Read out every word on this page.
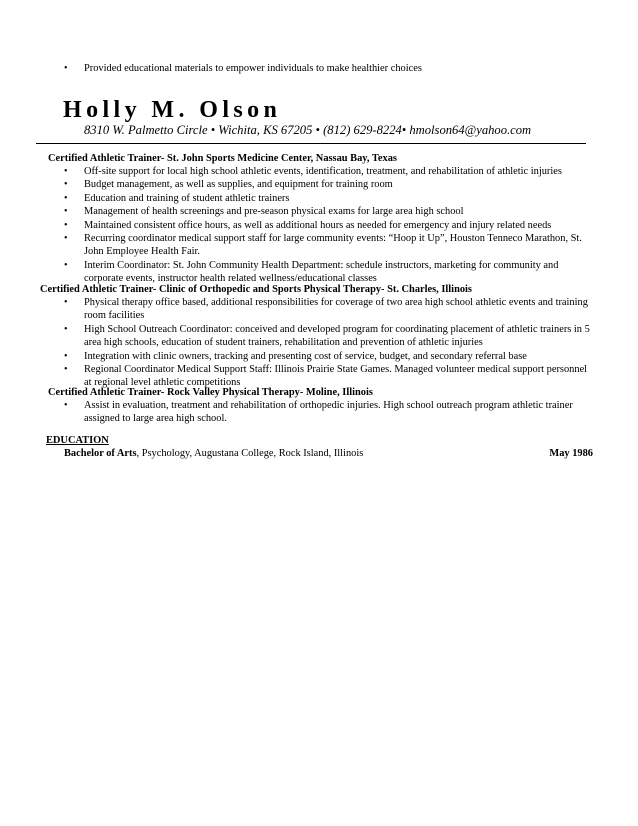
• Provided educational materials to empower individuals to make healthier choices
Holly M. Olson
8310 W. Palmetto Circle • Wichita, KS 67205 • (812) 629-8224• hmolson64@yahoo.com
Certified Athletic Trainer- St. John Sports Medicine Center, Nassau Bay, Texas
• Off-site support for local high school athletic events, identification, treatment, and rehabilitation of athletic injuries
• Budget management, as well as supplies, and equipment for training room
• Education and training of student athletic trainers
• Management of health screenings and pre-season physical exams for large area high school
• Maintained consistent office hours, as well as additional hours as needed for emergency and injury related needs
• Recurring coordinator medical support staff for large community events: “Hoop it Up”, Houston Tenneco Marathon, St. John Employee Health Fair.
• Interim Coordinator: St. John Community Health Department: schedule instructors, marketing for community and corporate events, instructor health related wellness/educational classes
Certified Athletic Trainer- Clinic of Orthopedic and Sports Physical Therapy- St. Charles, Illinois
• Physical therapy office based, additional responsibilities for coverage of two area high school athletic events and training room facilities
• High School Outreach Coordinator: conceived and developed program for coordinating placement of athletic trainers in 5 area high schools, education of student trainers, rehabilitation and prevention of athletic injuries
• Integration with clinic owners, tracking and presenting cost of service, budget, and secondary referral base
• Regional Coordinator Medical Support Staff: Illinois Prairie State Games. Managed volunteer medical support personnel at regional level athletic competitions
Certified Athletic Trainer- Rock Valley Physical Therapy- Moline, Illinois
• Assist in evaluation, treatment and rehabilitation of orthopedic injuries. High school outreach program athletic trainer assigned to large area high school.
EDUCATION
Bachelor of Arts, Psychology, Augustana College, Rock Island, Illinois	May 1986
